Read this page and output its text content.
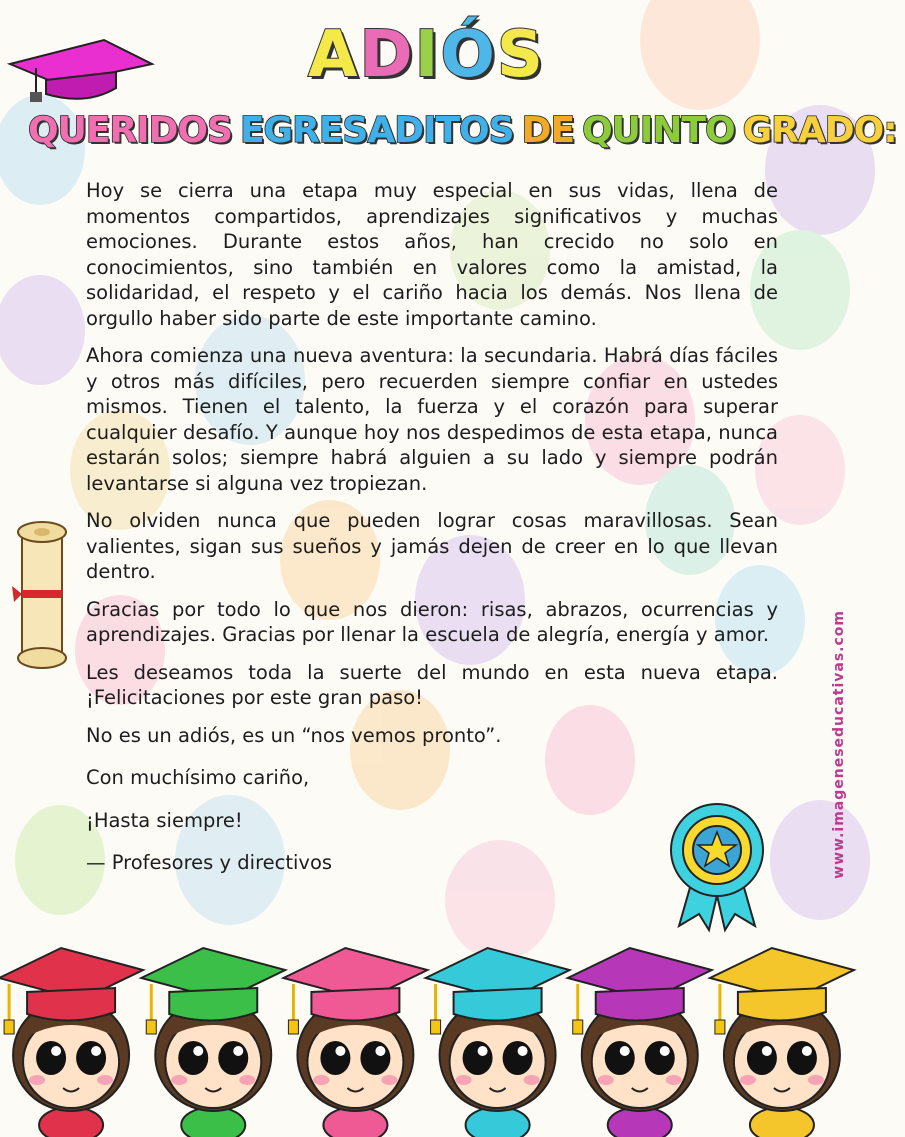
ADIÓS
QUERIDOS EGRESADITOS DE QUINTO GRADO:

Hoy se cierra una etapa muy especial en sus vidas, llena de momentos compartidos, aprendizajes significativos y muchas emociones. Durante estos años, han crecido no solo en conocimientos, sino también en valores como la amistad, la solidaridad, el respeto y el cariño hacia los demás. Nos llena de orgullo haber sido parte de este importante camino.

Ahora comienza una nueva aventura: la secundaria. Habrá días fáciles y otros más difíciles, pero recuerden siempre confiar en ustedes mismos. Tienen el talento, la fuerza y el corazón para superar cualquier desafío. Y aunque hoy nos despedimos de esta etapa, nunca estarán solos; siempre habrá alguien a su lado y siempre podrán levantarse si alguna vez tropiezan.

No olviden nunca que pueden lograr cosas maravillosas. Sean valientes, sigan sus sueños y jamás dejen de creer en lo que llevan dentro.

Gracias por todo lo que nos dieron: risas, abrazos, ocurrencias y aprendizajes. Gracias por llenar la escuela de alegría, energía y amor.

Les deseamos toda la suerte del mundo en esta nueva etapa. ¡Felicitaciones por este gran paso!

No es un adiós, es un “nos vemos pronto”.

Con muchísimo cariño,

¡Hasta siempre!

— Profesores y directivos	www.imageneseducativas.com
